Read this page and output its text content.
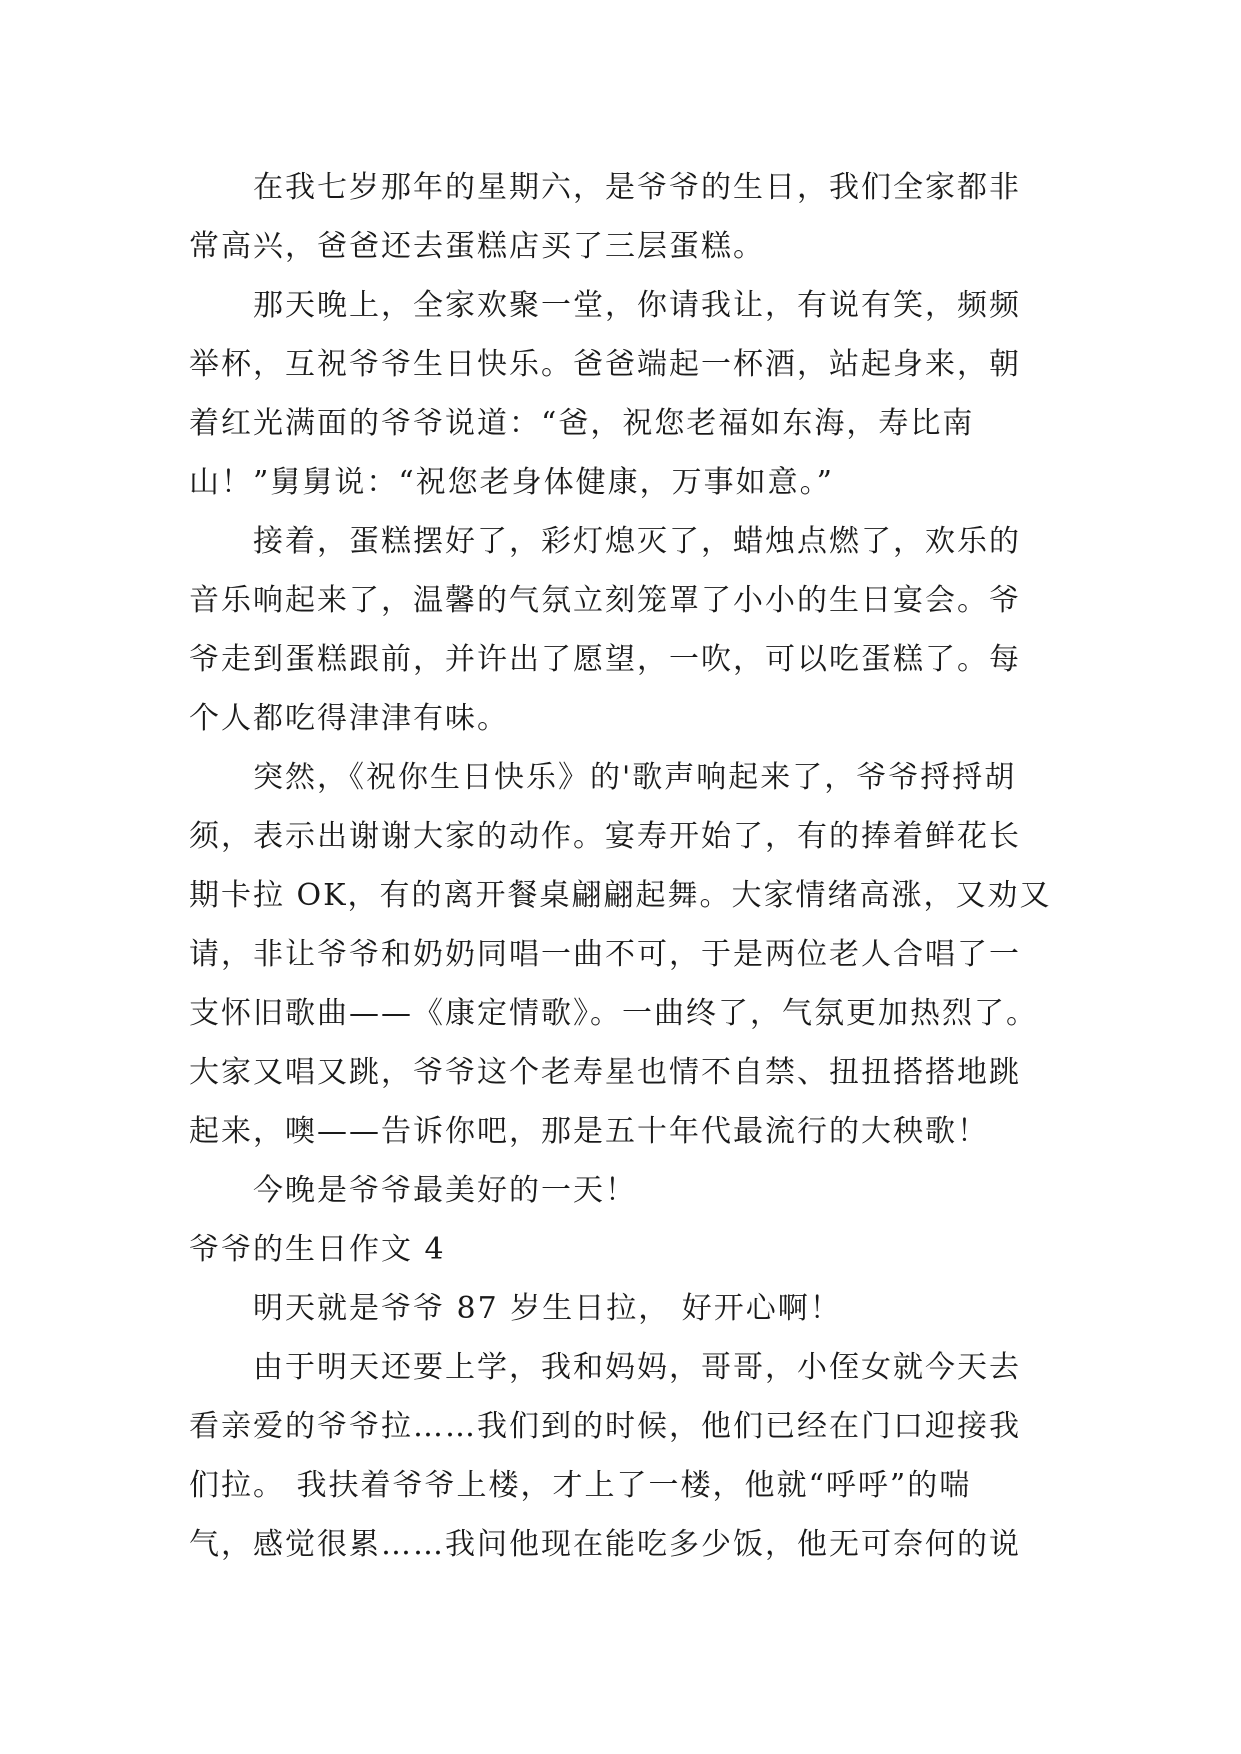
在我七岁那年的星期六，是爷爷的生日，我们全家都非
常高兴，爸爸还去蛋糕店买了三层蛋糕。
那天晚上，全家欢聚一堂，你请我让，有说有笑，频频
举杯，互祝爷爷生日快乐。爸爸端起一杯酒，站起身来，朝
着红光满面的爷爷说道：“爸，祝您老福如东海，寿比南
山！”舅舅说：“祝您老身体健康，万事如意。”
接着，蛋糕摆好了，彩灯熄灭了，蜡烛点燃了，欢乐的
音乐响起来了，温馨的气氛立刻笼罩了小小的生日宴会。爷
爷走到蛋糕跟前，并许出了愿望，一吹，可以吃蛋糕了。每
个人都吃得津津有味。
突然，《祝你生日快乐》的'歌声响起来了，爷爷捋捋胡
须，表示出谢谢大家的动作。宴寿开始了，有的捧着鲜花长
期卡拉 OK，有的离开餐桌翩翩起舞。大家情绪高涨，又劝又
请，非让爷爷和奶奶同唱一曲不可，于是两位老人合唱了一
支怀旧歌曲——《康定情歌》。一曲终了，气氛更加热烈了。
大家又唱又跳，爷爷这个老寿星也情不自禁、扭扭搭搭地跳
起来，噢——告诉你吧，那是五十年代最流行的大秧歌！
今晚是爷爷最美好的一天！
爷爷的生日作文 4
明天就是爷爷 87 岁生日拉， 好开心啊！
由于明天还要上学，我和妈妈，哥哥，小侄女就今天去
看亲爱的爷爷拉……我们到的时候，他们已经在门口迎接我
们拉。 我扶着爷爷上楼，才上了一楼，他就“呼呼”的喘
气，感觉很累……我问他现在能吃多少饭，他无可奈何的说
